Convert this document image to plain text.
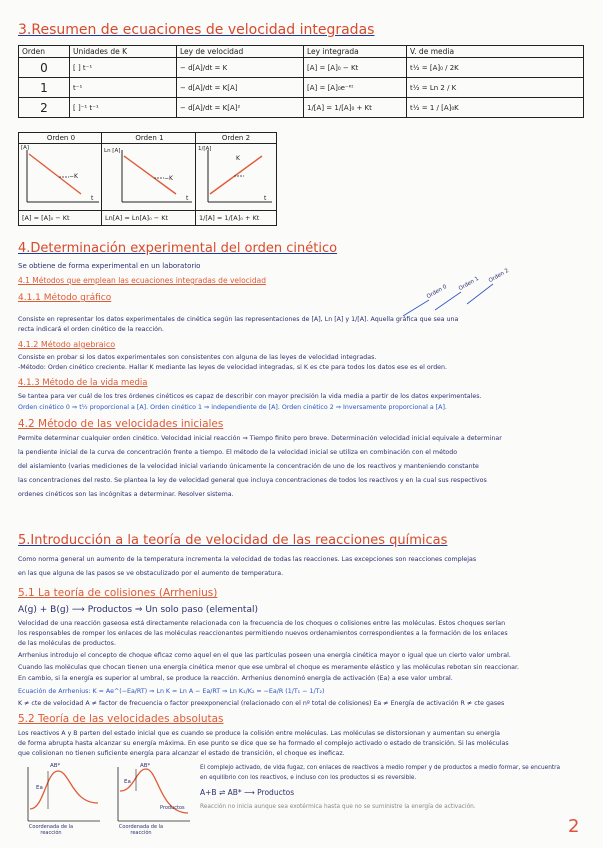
3.Resumen de ecuaciones de velocidad integradas
Orden	Unidades de K	Ley de velocidad	Ley integrada	V. de media
0	[ ] t⁻¹	− d[A]/dt = K	[A] = [A]₀ − Kt	t½ = [A]₀ / 2K
1	t⁻¹	− d[A]/dt = K[A]	[A] = [A]₀e⁻ᴷᵗ	t½ = Ln 2 / K
2	[ ]⁻¹ t⁻¹	− d[A]/dt = K[A]²	1/[A] = 1/[A]₀ + Kt	t½ = 1 / [A]₀K
Orden 0
[A]
−K
t
[A] = [A]₀ − Kt
Orden 1
Ln [A]
−K
t
Ln[A] = Ln[A]₀ − Kt
Orden 2
1/[A]
K
t
1/[A] = 1/[A]₀ + Kt
4.Determinación experimental del orden cinético
Se obtiene de forma experimental en un laboratorio
4.1 Métodos que emplean las ecuaciones integradas de velocidad
4.1.1 Método gráfico	Orden 0 Orden 1 Orden 2
Consiste en representar los datos experimentales de cinética según las representaciones de [A], Ln [A] y 1/[A]. Aquella gráfica que sea una
recta indicará el orden cinético de la reacción.
4.1.2 Método algebraico
Consiste en probar si los datos experimentales son consistentes con alguna de las leyes de velocidad integradas.
-Método: Orden cinético creciente. Hallar K mediante las leyes de velocidad integradas, si K es cte para todos los datos ese es el orden.
4.1.3 Método de la vida media
Se tantea para ver cuál de los tres órdenes cinéticos es capaz de describir con mayor precisión la vida media a partir de los datos experimentales.
Orden cinético 0 ⇒ t½ proporcional a [A]. Orden cinético 1 ⇒ independiente de [A]. Orden cinético 2 ⇒ Inversamente proporcional a [A].
4.2 Método de las velocidades iniciales
Permite determinar cualquier orden cinético. Velocidad inicial reacción ⇒ Tiempo finito pero breve. Determinación velocidad inicial equivale a determinar
la pendiente inicial de la curva de concentración frente a tiempo. El método de la velocidad inicial se utiliza en combinación con el método
del aislamiento (varias mediciones de la velocidad inicial variando únicamente la concentración de uno de los reactivos y manteniendo constante
las concentraciones del resto. Se plantea la ley de velocidad general que incluya concentraciones de todos los reactivos y en la cual sus respectivos
ordenes cinéticos son las incógnitas a determinar. Resolver sistema.
5.Introducción a la teoría de velocidad de las reacciones químicas
Como norma general un aumento de la temperatura incrementa la velocidad de todas las reacciones. Las excepciones son reacciones complejas
en las que alguna de las pasos se ve obstaculizado por el aumento de temperatura.
5.1 La teoría de colisiones (Arrhenius)
A(g) + B(g) ⟶ Productos ⇒ Un solo paso (elemental)
Velocidad de una reacción gaseosa está directamente relacionada con la frecuencia de los choques o colisiones entre las moléculas. Estos choques serían
los responsables de romper los enlaces de las moléculas reaccionantes permitiendo nuevos ordenamientos correspondientes a la formación de los enlaces
de las moléculas de productos.
Arrhenius introdujo el concepto de choque eficaz como aquel en el que las partículas poseen una energía cinética mayor o igual que un cierto valor umbral.
Cuando las moléculas que chocan tienen una energía cinética menor que ese umbral el choque es meramente elástico y las moléculas rebotan sin reaccionar.
En cambio, si la energía es superior al umbral, se produce la reacción. Arrhenius denominó energía de activación (Ea) a ese valor umbral.
Ecuación de Arrhenius: K = Ae^(−Ea/RT) ⇒ Ln K = Ln A − Ea/RT ⇒ Ln K₁/K₂ = −Ea/R (1/T₁ − 1/T₂)
K ≠ cte de velocidad A ≠ factor de frecuencia o factor preexponencial (relacionado con el nº total de colisiones) Ea ≠ Energía de activación R ≠ cte gases
5.2 Teoría de las velocidades absolutas
Los reactivos A y B parten del estado inicial que es cuando se produce la colisión entre moléculas. Las moléculas se distorsionan y aumentan su energía
de forma abrupta hasta alcanzar su energía máxima. En ese punto se dice que se ha formado el complejo activado o estado de transición. Si las moléculas
que colisionan no tienen suficiente energía para alcanzar el estado de transición, el choque es ineficaz.
AB*
Ea
Coordenada de la reacción
AB*
Ea
Productos
Coordenada de la reacción
El complejo activado, de vida fugaz, con enlaces de reactivos a medio romper y de productos a medio formar, se encuentra
en equilibrio con los reactivos, e incluso con los productos si es reversible.
A+B ⇌ AB* ⟶ Productos
Reacción no inicia aunque sea exotérmica hasta que no se suministre la energía de activación.
2
